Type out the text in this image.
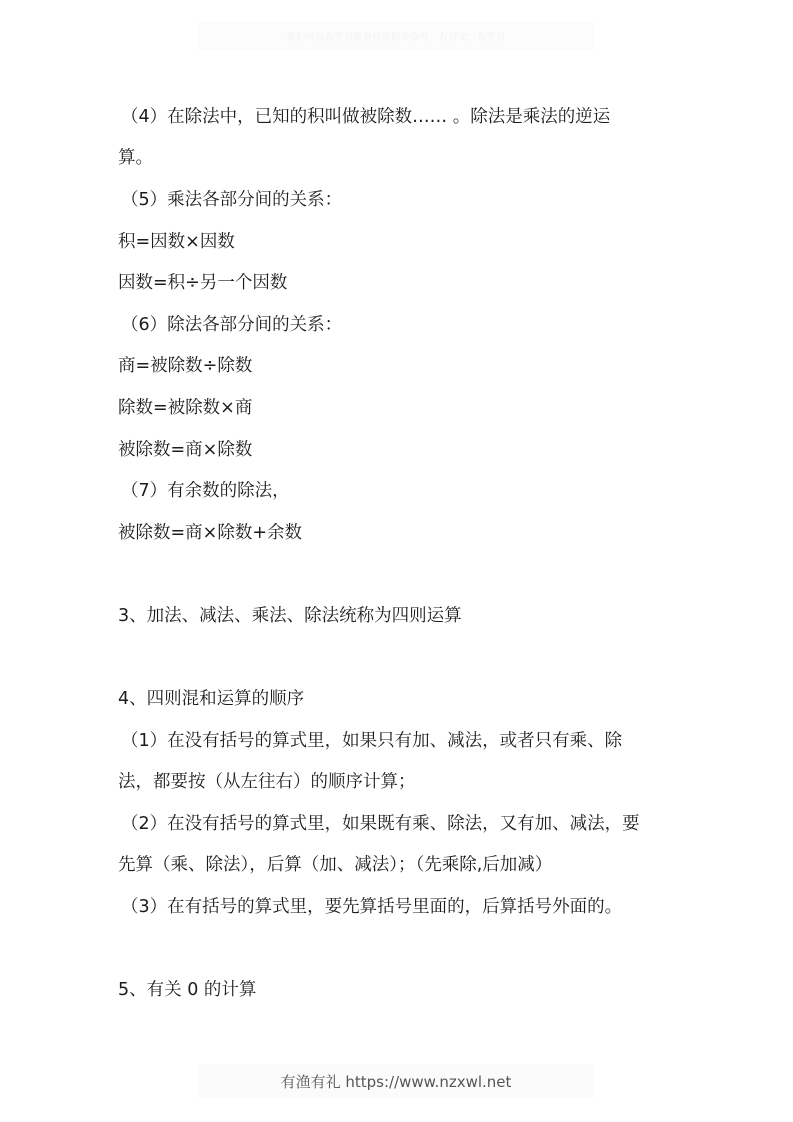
我们可以在学习教育网站的公众号、有语文、有学习
（4）在除法中，已知的积叫做被除数…… 。除法是乘法的逆运
算。
（5）乘法各部分间的关系：
积=因数×因数
因数=积÷另一个因数
（6）除法各部分间的关系：
商=被除数÷除数
除数=被除数×商
被除数=商×除数
（7）有余数的除法，
被除数=商×除数+余数
3、加法、减法、乘法、除法统称为四则运算
4、四则混和运算的顺序
（1）在没有括号的算式里，如果只有加、减法，或者只有乘、除
法，都要按（从左往右）的顺序计算；
（2）在没有括号的算式里，如果既有乘、除法，又有加、减法，要
先算（乘、除法），后算（加、减法）；（先乘除,后加减）
（3）在有括号的算式里，要先算括号里面的，后算括号外面的。
5、有关 0 的计算
有渔有礼 https://www.nzxwl.net
